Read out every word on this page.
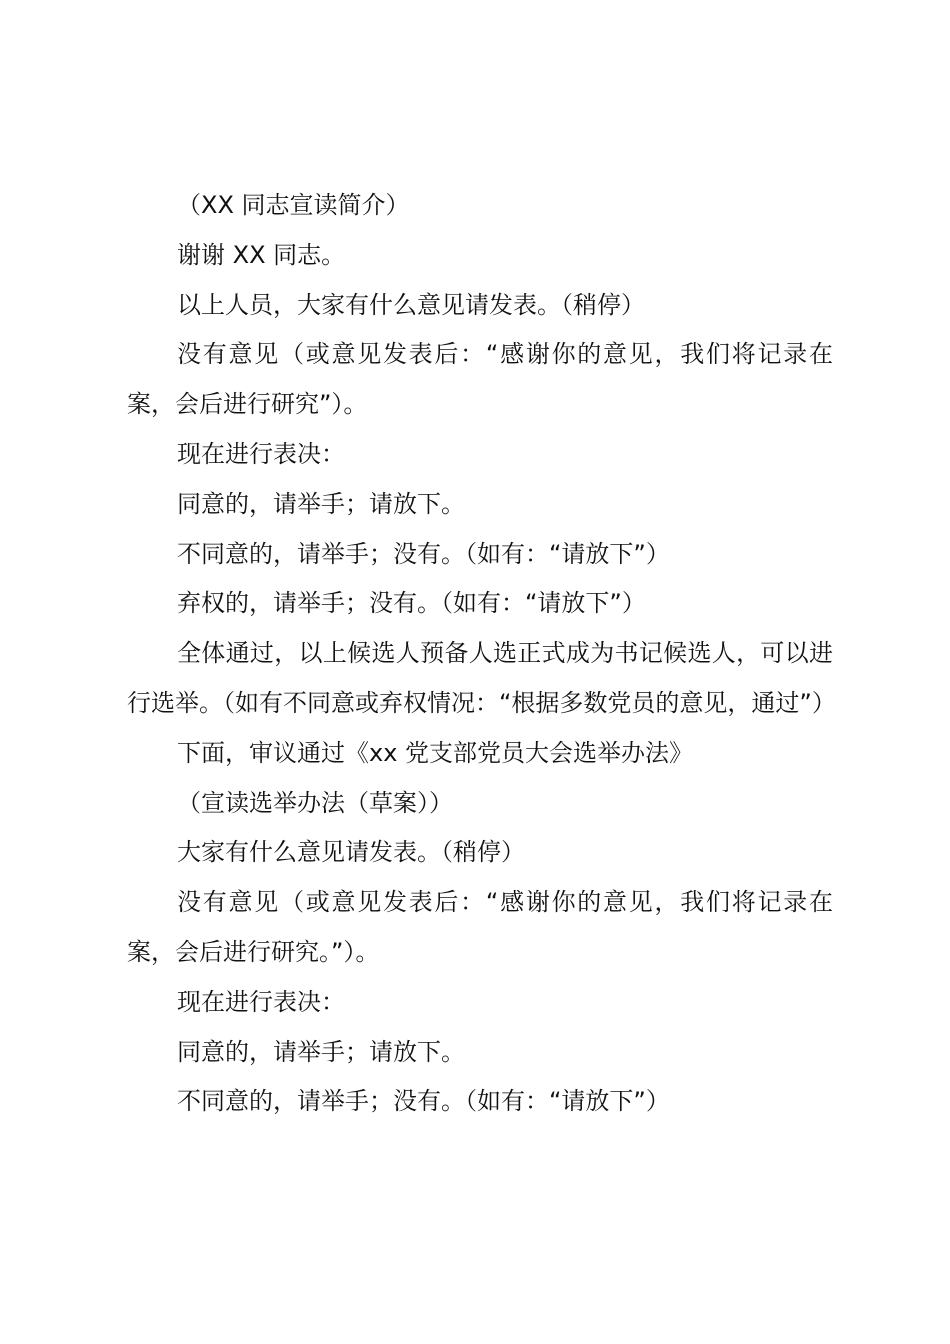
（XX 同志宣读简介）

谢谢 XX 同志。

以上人员，大家有什么意见请发表。（稍停）

没有意见（或意见发表后：“感谢你的意见，我们将记录在案，会后进行研究”）。

现在进行表决：

同意的，请举手；请放下。

不同意的，请举手；没有。（如有：“请放下”）

弃权的，请举手；没有。（如有：“请放下”）

全体通过，以上候选人预备人选正式成为书记候选人，可以进行选举。（如有不同意或弃权情况：“根据多数党员的意见，通过”）

下面，审议通过《xx 党支部党员大会选举办法》

（宣读选举办法（草案））

大家有什么意见请发表。（稍停）

没有意见（或意见发表后：“感谢你的意见，我们将记录在案，会后进行研究。”）。

现在进行表决：

同意的，请举手；请放下。

不同意的，请举手；没有。（如有：“请放下”）
